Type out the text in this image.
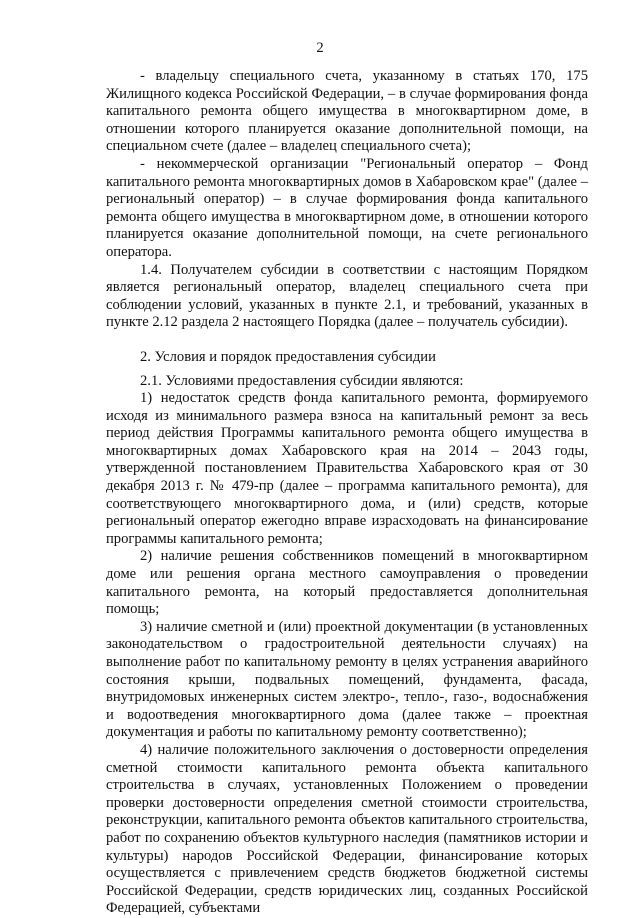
2

- владельцу специального счета, указанному в статьях 170, 175 Жилищного кодекса Российской Федерации, – в случае формирования фонда капитального ремонта общего имущества в многоквартирном доме, в отношении которого планируется оказание дополнительной помощи, на специальном счете (далее – владелец специального счета);

- некоммерческой организации "Региональный оператор – Фонд капитального ремонта многоквартирных домов в Хабаровском крае" (далее – региональный оператор) – в случае формирования фонда капитального ремонта общего имущества в многоквартирном доме, в отношении которого планируется оказание дополнительной помощи, на счете регионального оператора.

1.4. Получателем субсидии в соответствии с настоящим Порядком является региональный оператор, владелец специального счета при соблюдении условий, указанных в пункте 2.1, и требований, указанных в пункте 2.12 раздела 2 настоящего Порядка (далее – получатель субсидии).

2. Условия и порядок предоставления субсидии

2.1. Условиями предоставления субсидии являются:

1) недостаток средств фонда капитального ремонта, формируемого исходя из минимального размера взноса на капитальный ремонт за весь период действия Программы капитального ремонта общего имущества в многоквартирных домах Хабаровского края на 2014 – 2043 годы, утвержденной постановлением Правительства Хабаровского края от 30 декабря 2013 г. № 479-пр (далее – программа капитального ремонта), для соответствующего многоквартирного дома, и (или) средств, которые региональный оператор ежегодно вправе израсходовать на финансирование программы капитального ремонта;

2) наличие решения собственников помещений в многоквартирном доме или решения органа местного самоуправления о проведении капитального ремонта, на который предоставляется дополнительная помощь;

3) наличие сметной и (или) проектной документации (в установленных законодательством о градостроительной деятельности случаях) на выполнение работ по капитальному ремонту в целях устранения аварийного состояния крыши, подвальных помещений, фундамента, фасада, внутридомовых инженерных систем электро-, тепло-, газо-, водоснабжения и водоотведения многоквартирного дома (далее также – проектная документация и работы по капитальному ремонту соответственно);

4) наличие положительного заключения о достоверности определения сметной стоимости капитального ремонта объекта капитального строительства в случаях, установленных Положением о проведении проверки достоверности определения сметной стоимости строительства, реконструкции, капитального ремонта объектов капитального строительства, работ по сохранению объектов культурного наследия (памятников истории и культуры) народов Российской Федерации, финансирование которых осуществляется с привлечением средств бюджетов бюджетной системы Российской Федерации, средств юридических лиц, созданных Российской Федерацией, субъектами
